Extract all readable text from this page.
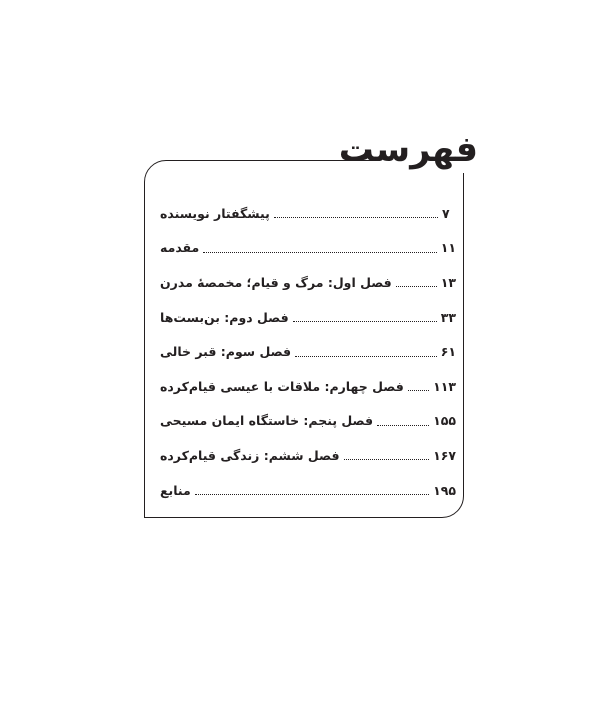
فهرست
پیشگفتار نویسنده	۷
مقدمه	۱۱
فصل اول: مرگ و قیام؛ مخمصهٔ مدرن	۱۳
فصل دوم: بن‌بست‌ها	۳۳
فصل سوم: قبر خالی	۶۱
فصل چهارم: ملاقات با عیسی قیام‌کرده ۱۱۳
فصل پنجم: خاستگاه ایمان مسیحی	۱۵۵
فصل ششم: زندگی قیام‌کرده	۱۶۷
منابع	۱۹۵
